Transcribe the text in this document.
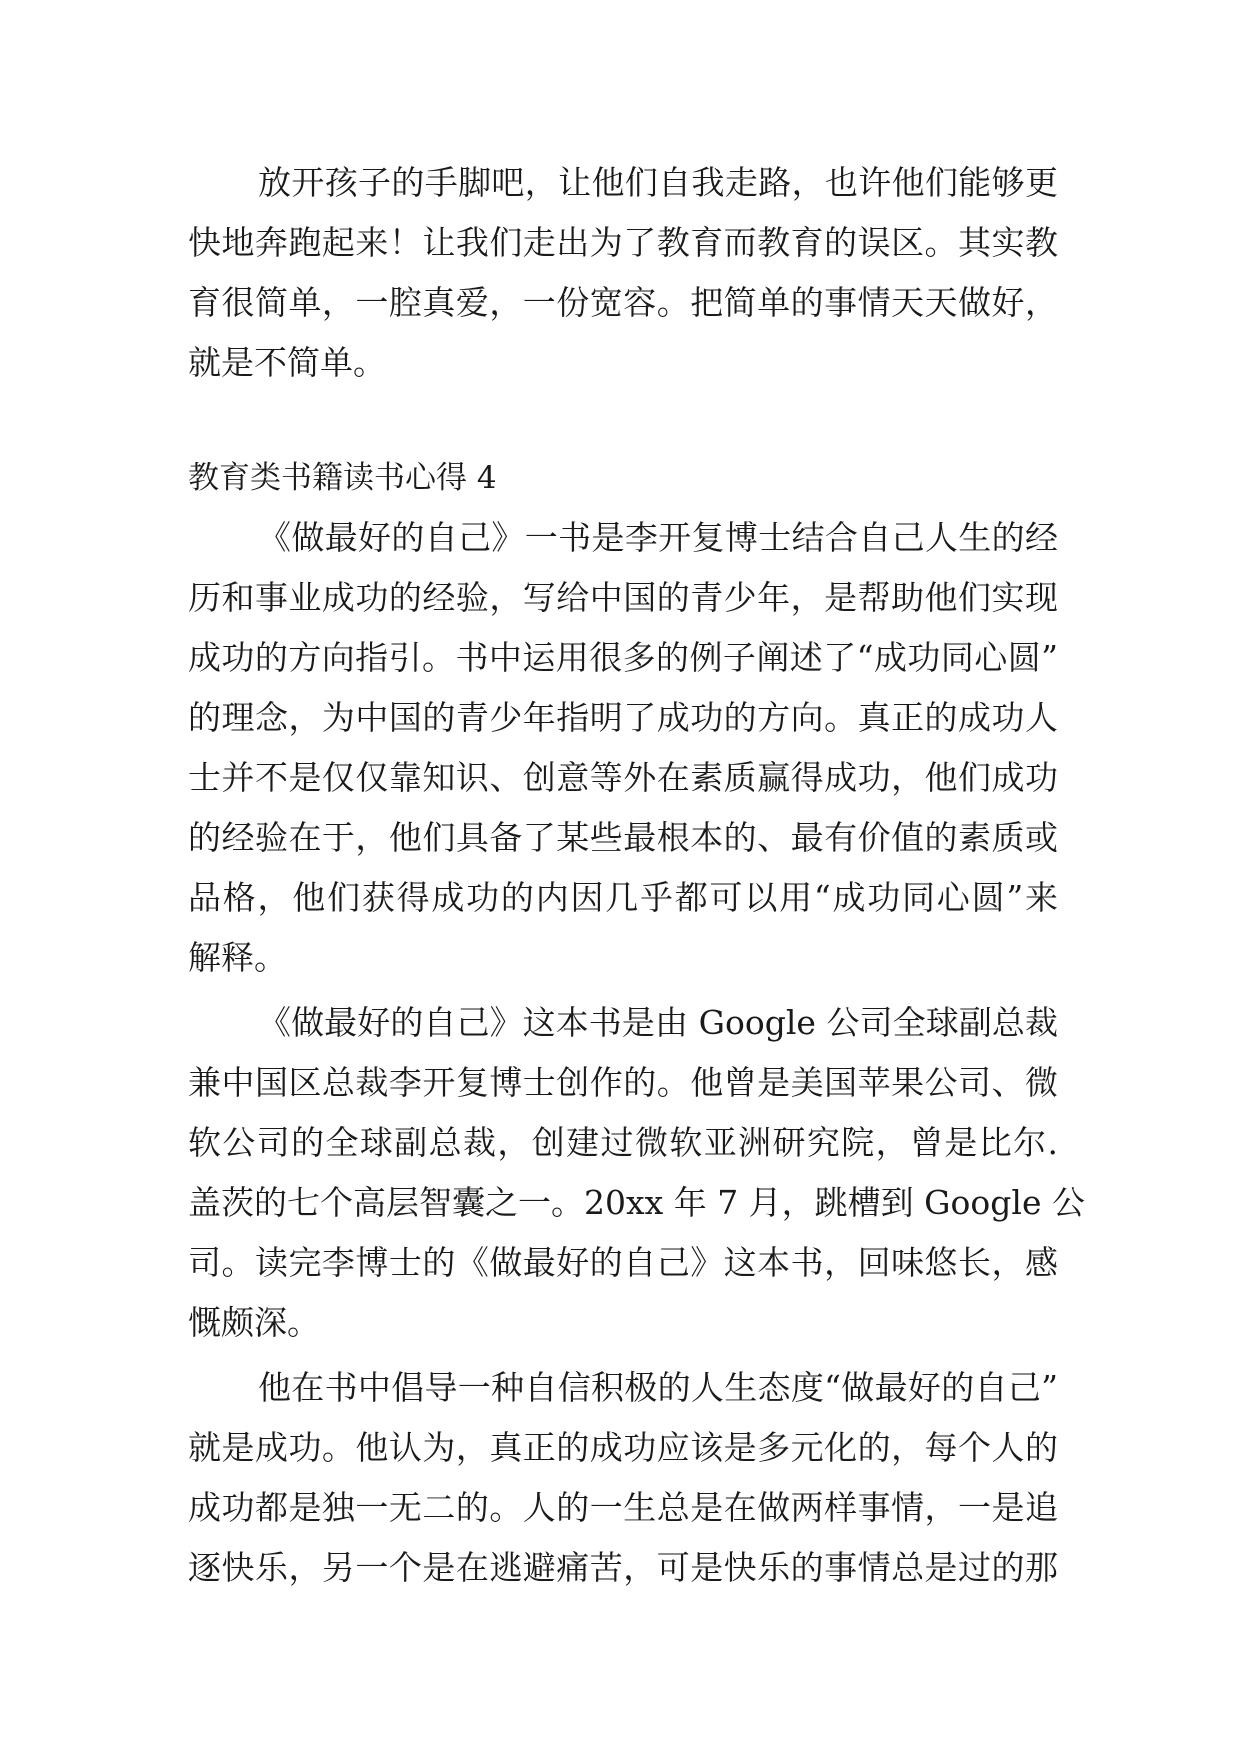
放开孩子的手脚吧，让他们自我走路，也许他们能够更
快地奔跑起来！让我们走出为了教育而教育的误区。其实教
育很简单，一腔真爱，一份宽容。把简单的事情天天做好，
就是不简单。
教育类书籍读书心得 4
《做最好的自己》一书是李开复博士结合自己人生的经
历和事业成功的经验，写给中国的青少年，是帮助他们实现
成功的方向指引。书中运用很多的例子阐述了“成功同心圆”
的理念，为中国的青少年指明了成功的方向。真正的成功人
士并不是仅仅靠知识、创意等外在素质赢得成功，他们成功
的经验在于，他们具备了某些最根本的、最有价值的素质或
品格，他们获得成功的内因几乎都可以用“成功同心圆”来
解释。
《做最好的自己》这本书是由 Google 公司全球副总裁
兼中国区总裁李开复博士创作的。他曾是美国苹果公司、微
软公司的全球副总裁，创建过微软亚洲研究院，曾是比尔.
盖茨的七个高层智囊之一。20xx 年 7 月，跳槽到 Google 公
司。读完李博士的《做最好的自己》这本书，回味悠长，感
慨颇深。
他在书中倡导一种自信积极的人生态度“做最好的自己”
就是成功。他认为，真正的成功应该是多元化的，每个人的
成功都是独一无二的。人的一生总是在做两样事情，一是追
逐快乐，另一个是在逃避痛苦，可是快乐的事情总是过的那
